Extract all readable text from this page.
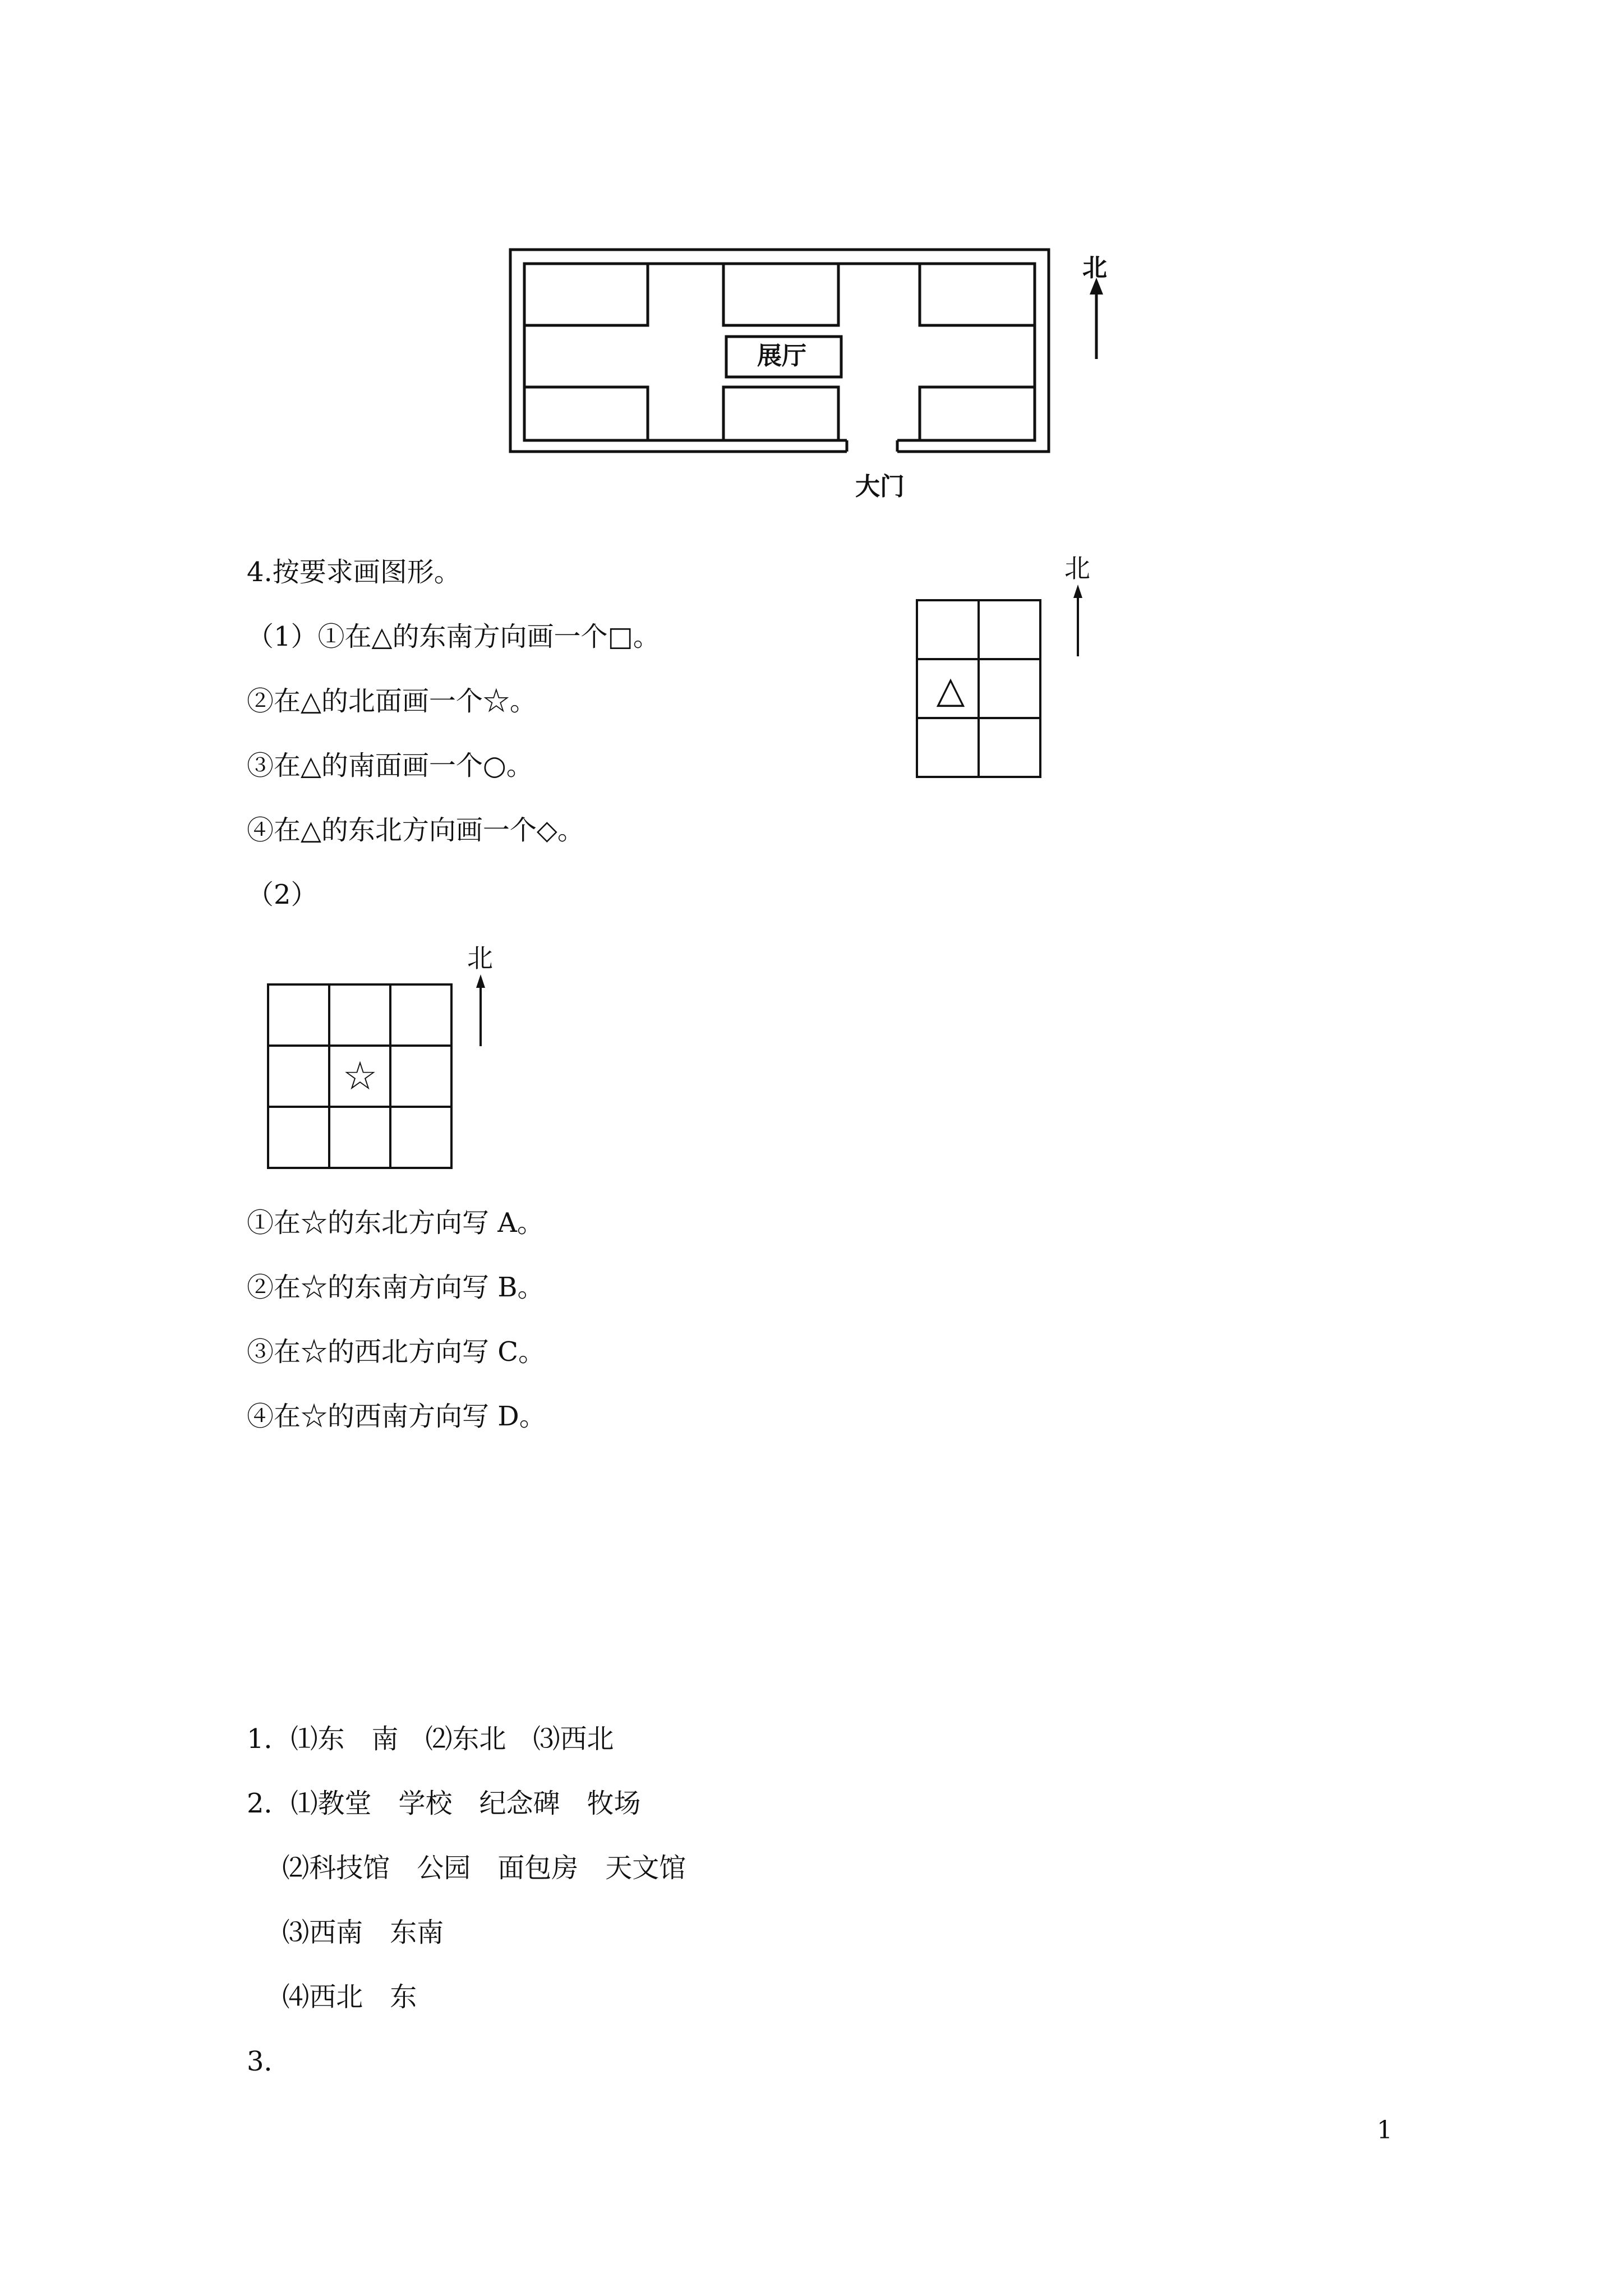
展厅
大门
北
4.按要求画图形。
（1）①在△的东南方向画一个□。
②在△的北面画一个☆。
③在△的南面画一个○。
④在△的东北方向画一个◇。
△
北
（2）
☆
北
①在☆的东北方向写 A。
②在☆的东南方向写 B。
③在☆的西北方向写 C。
④在☆的西南方向写 D。
1．⑴东　南　⑵东北　⑶西北
2．⑴教堂　学校　纪念碑　牧场
　 ⑵科技馆　公园　面包房　天文馆
　 ⑶西南　东南
　 ⑷西北　东
3．
1
